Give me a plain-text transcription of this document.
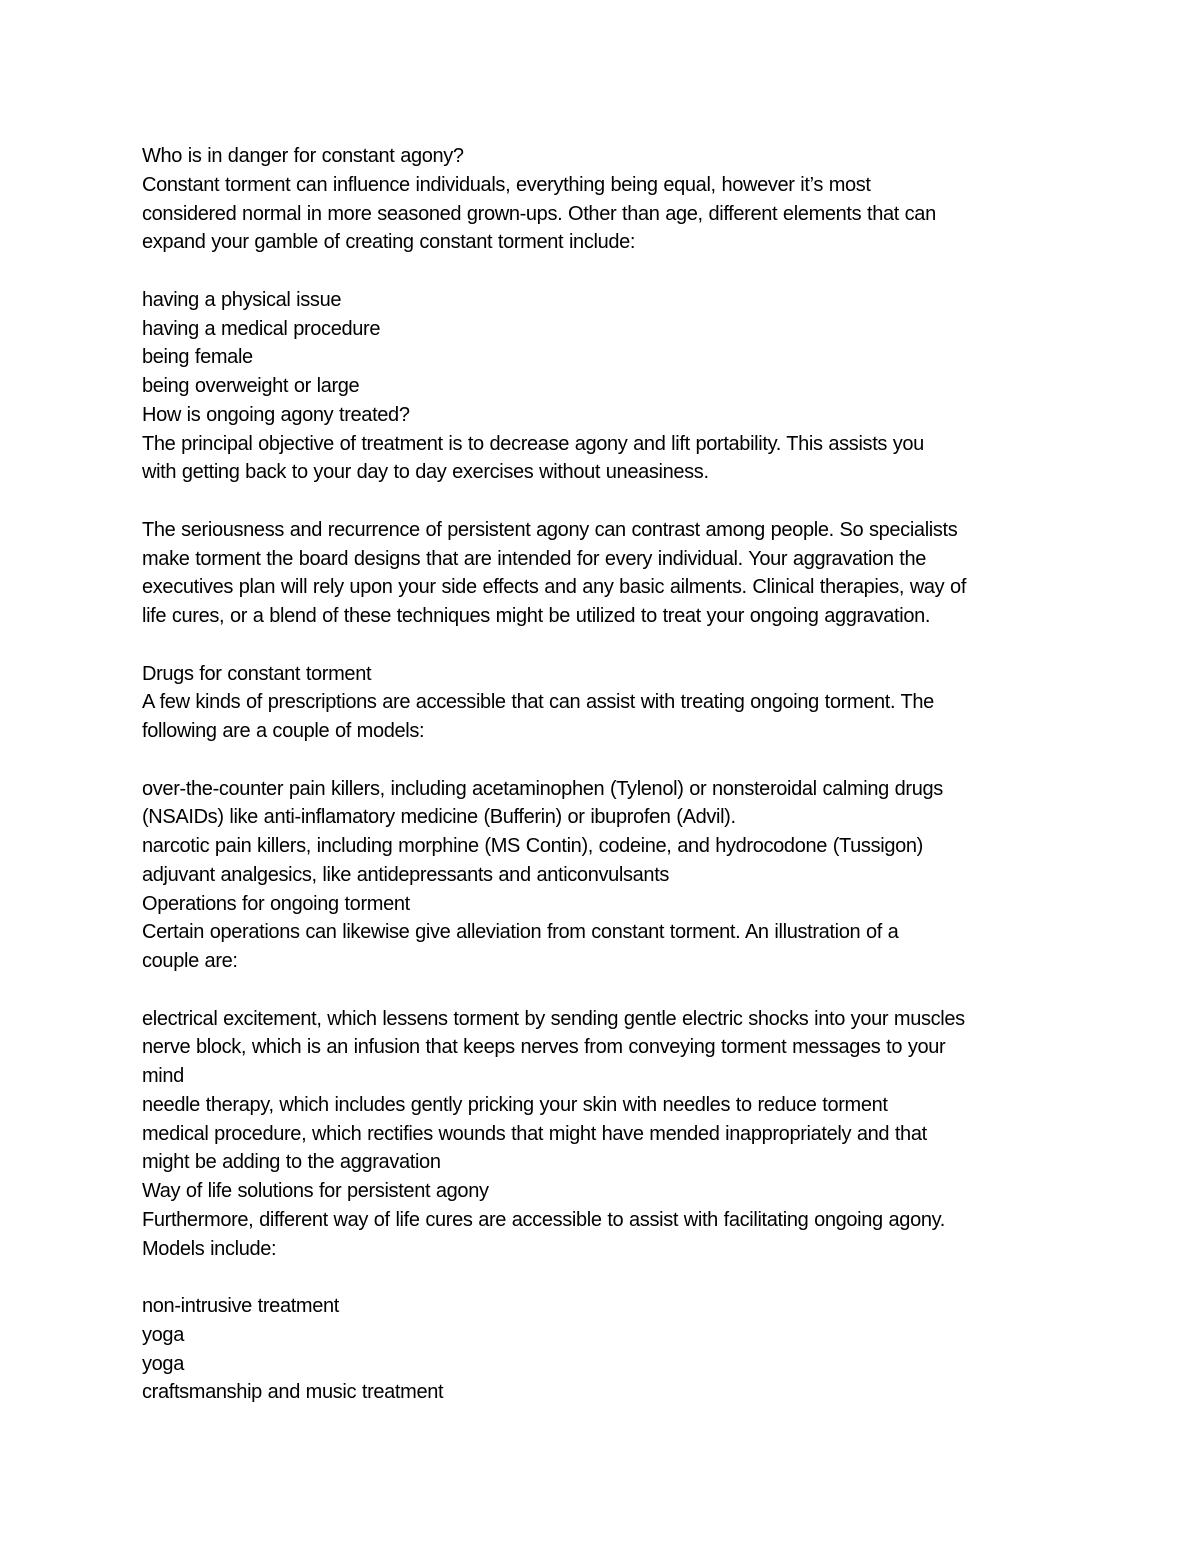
Who is in danger for constant agony?
Constant torment can influence individuals, everything being equal, however it’s most
considered normal in more seasoned grown-ups. Other than age, different elements that can
expand your gamble of creating constant torment include:
having a physical issue
having a medical procedure
being female
being overweight or large
How is ongoing agony treated?
The principal objective of treatment is to decrease agony and lift portability. This assists you
with getting back to your day to day exercises without uneasiness.
The seriousness and recurrence of persistent agony can contrast among people. So specialists
make torment the board designs that are intended for every individual. Your aggravation the
executives plan will rely upon your side effects and any basic ailments. Clinical therapies, way of
life cures, or a blend of these techniques might be utilized to treat your ongoing aggravation.
Drugs for constant torment
A few kinds of prescriptions are accessible that can assist with treating ongoing torment. The
following are a couple of models:
over-the-counter pain killers, including acetaminophen (Tylenol) or nonsteroidal calming drugs
(NSAIDs) like anti-inflamatory medicine (Bufferin) or ibuprofen (Advil).
narcotic pain killers, including morphine (MS Contin), codeine, and hydrocodone (Tussigon)
adjuvant analgesics, like antidepressants and anticonvulsants
Operations for ongoing torment
Certain operations can likewise give alleviation from constant torment. An illustration of a
couple are:
electrical excitement, which lessens torment by sending gentle electric shocks into your muscles
nerve block, which is an infusion that keeps nerves from conveying torment messages to your
mind
needle therapy, which includes gently pricking your skin with needles to reduce torment
medical procedure, which rectifies wounds that might have mended inappropriately and that
might be adding to the aggravation
Way of life solutions for persistent agony
Furthermore, different way of life cures are accessible to assist with facilitating ongoing agony.
Models include:
non-intrusive treatment
yoga
yoga
craftsmanship and music treatment
